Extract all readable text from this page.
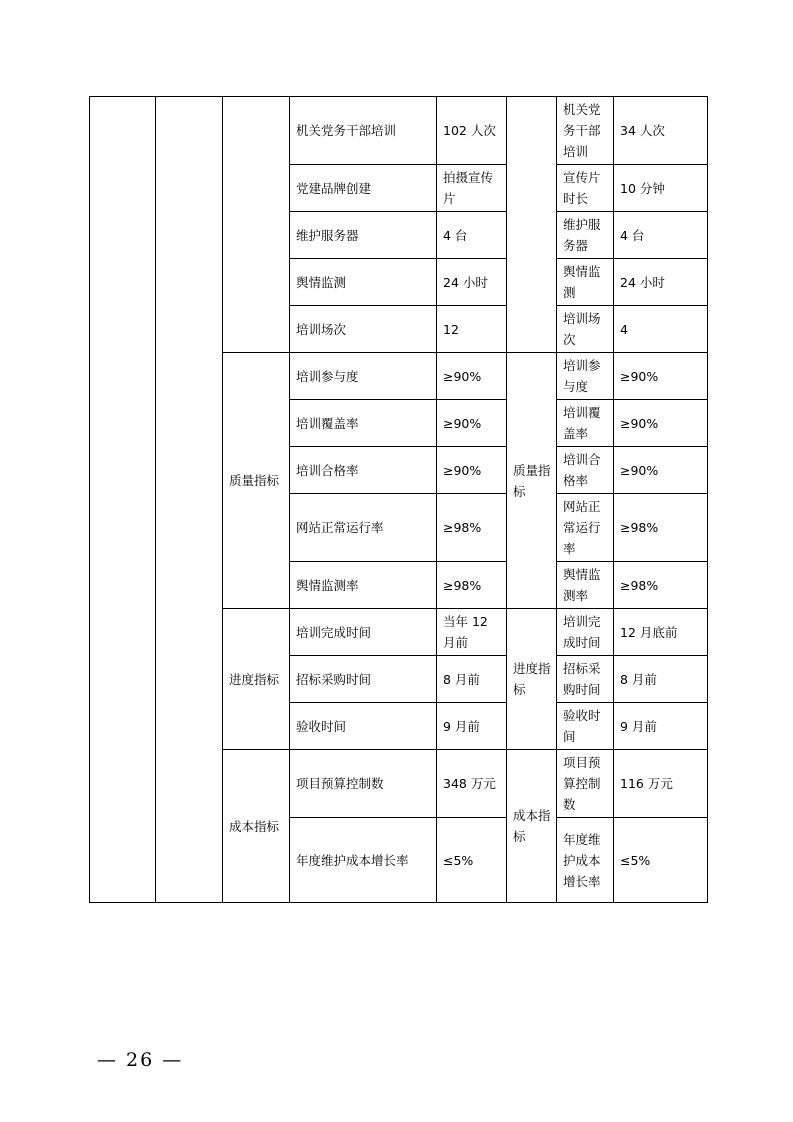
			机关党务干部培训	102 人次		机关党务干部培训	34 人次
			党建品牌创建	拍摄宣传片		宣传片时长	10 分钟
			维护服务器	4 台		维护服务器	4 台
			舆情监测	24 小时		舆情监测	24 小时
			培训场次	12		培训场次	4
		质量指标	培训参与度	≥90%	质量指标	培训参与度	≥90%
			培训覆盖率	≥90%		培训覆盖率	≥90%
			培训合格率	≥90%		培训合格率	≥90%
			网站正常运行率	≥98%		网站正常运行率	≥98%
			舆情监测率	≥98%		舆情监测率	≥98%
		进度指标	培训完成时间	当年 12 月前	进度指标	培训完成时间	12 月底前
			招标采购时间	8 月前		招标采购时间	8 月前
			验收时间	9 月前		验收时间	9 月前
		成本指标	项目预算控制数	348 万元	成本指标	项目预算控制数	116 万元
			年度维护成本增长率	≤5%		年度维护成本增长率	≤5%
— 26 —
